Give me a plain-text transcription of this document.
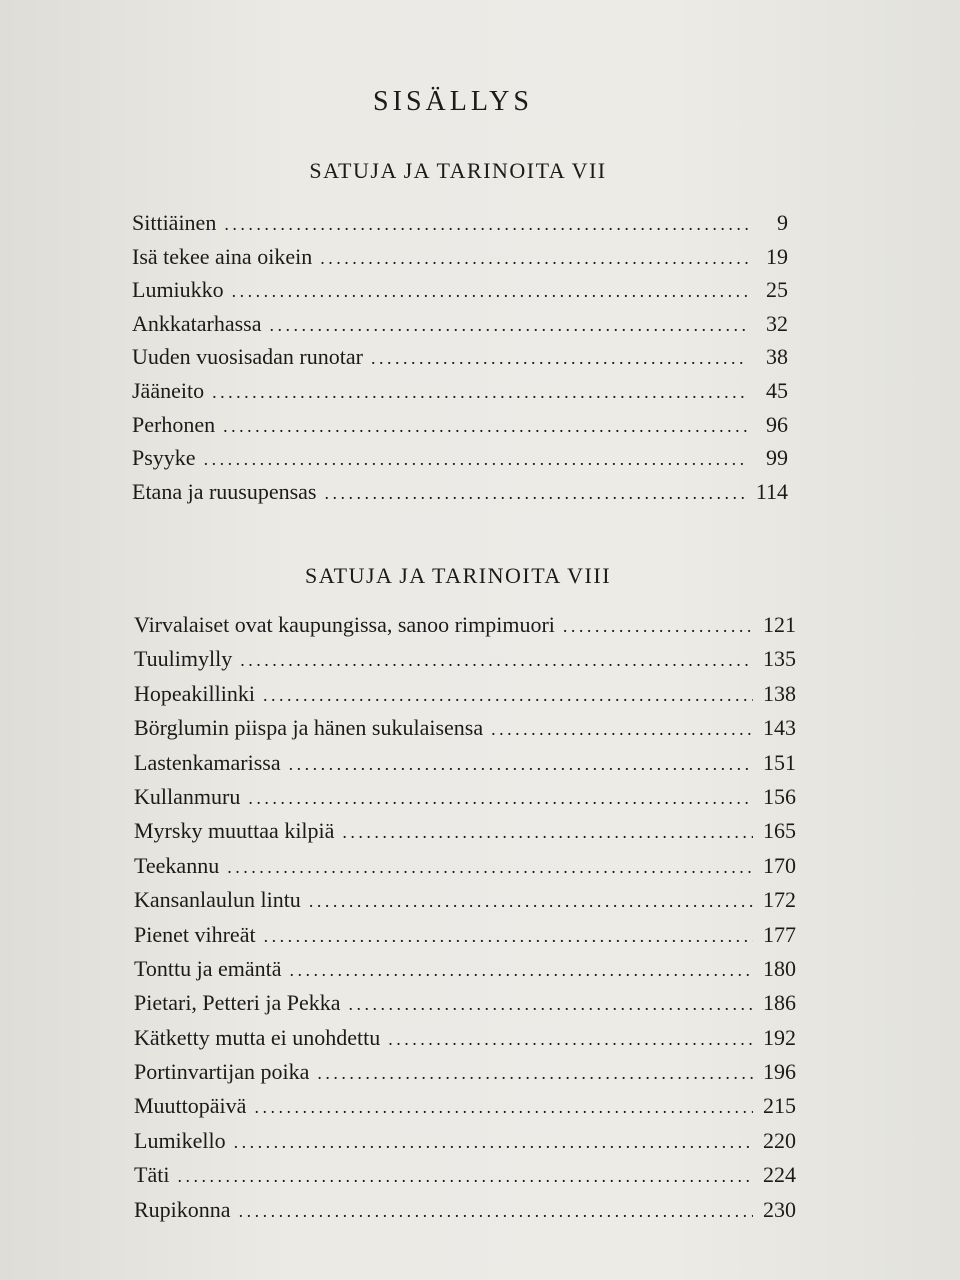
SISÄLLYS
SATUJA JA TARINOITA VII
Sittiäinen . . .	9
Isä tekee aina oikein . . .	19
Lumiukko . . .	25
Ankkatarhassa . . .	32
Uuden vuosisadan runotar . . .	38
Jääneito . . .	45
Perhonen . . .	96
Psyyke . . .	99
Etana ja ruusupensas . . .	114
SATUJA JA TARINOITA VIII
Virvalaiset ovat kaupungissa, sanoo rimpimuori . . .	121
Tuulimylly . . .	135
Hopeakillinki . . .	138
Börglumin piispa ja hänen sukulaisensa . . .	143
Lastenkamarissa . . .	151
Kullanmuru . . .	156
Myrsky muuttaa kilpiä . . .	165
Teekannu . . .	170
Kansanlaulun lintu . . .	172
Pienet vihreät . . .	177
Tonttu ja emäntä . . .	180
Pietari, Petteri ja Pekka . . .	186
Kätketty mutta ei unohdettu . . .	192
Portinvartijan poika . . .	196
Muuttopäivä . . .	215
Lumikello . . .	220
Täti . . .	224
Rupikonna . . .	230
